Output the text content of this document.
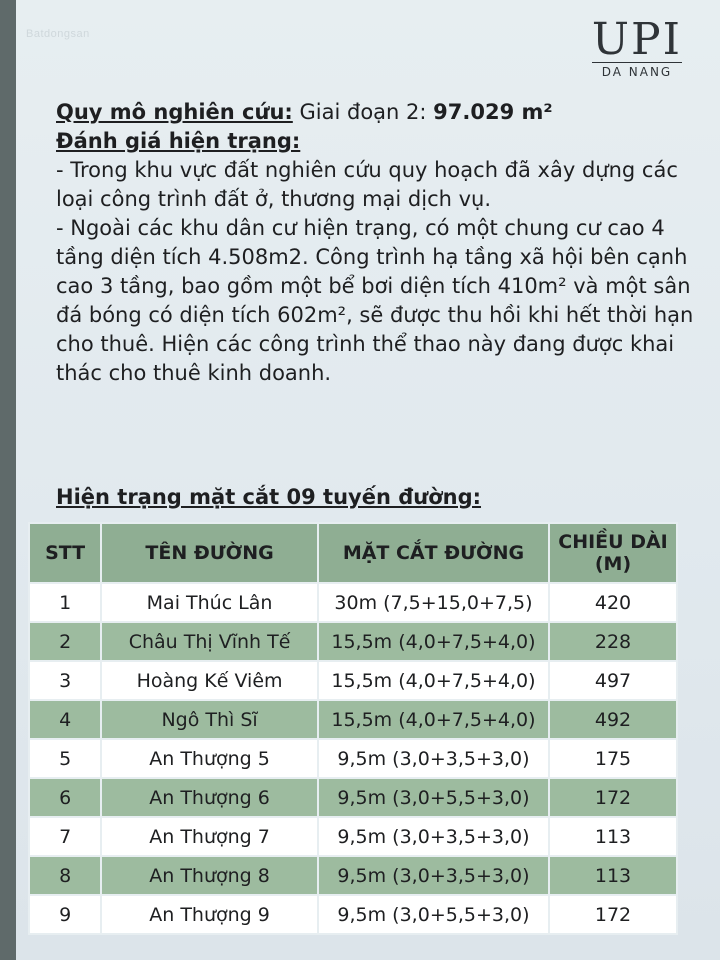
Batdongsan	UPI
DA NANG

Quy mô nghiên cứu: Giai đoạn 2: 97.029 m²

Đánh giá hiện trạng:

- Trong khu vực đất nghiên cứu quy hoạch đã xây dựng các loại công trình đất ở, thương mại dịch vụ.

- Ngoài các khu dân cư hiện trạng, có một chung cư cao 4 tầng diện tích 4.508m2. Công trình hạ tầng xã hội bên cạnh cao 3 tầng, bao gồm một bể bơi diện tích 410m² và một sân đá bóng có diện tích 602m², sẽ được thu hồi khi hết thời hạn cho thuê. Hiện các công trình thể thao này đang được khai thác cho thuê kinh doanh.

Hiện trạng mặt cắt 09 tuyến đường:
STT	TÊN ĐƯỜNG	MẶT CẮT ĐƯỜNG	CHIỀU DÀI (M)
1	Mai Thúc Lân	30m (7,5+15,0+7,5)	420
2	Châu Thị Vĩnh Tế	15,5m (4,0+7,5+4,0)	228
3	Hoàng Kế Viêm	15,5m (4,0+7,5+4,0)	497
4	Ngô Thì Sĩ	15,5m (4,0+7,5+4,0)	492
5	An Thượng 5	9,5m (3,0+3,5+3,0)	175
6	An Thượng 6	9,5m (3,0+5,5+3,0)	172
7	An Thượng 7	9,5m (3,0+3,5+3,0)	113
8	An Thượng 8	9,5m (3,0+3,5+3,0)	113
9	An Thượng 9	9,5m (3,0+5,5+3,0)	172
